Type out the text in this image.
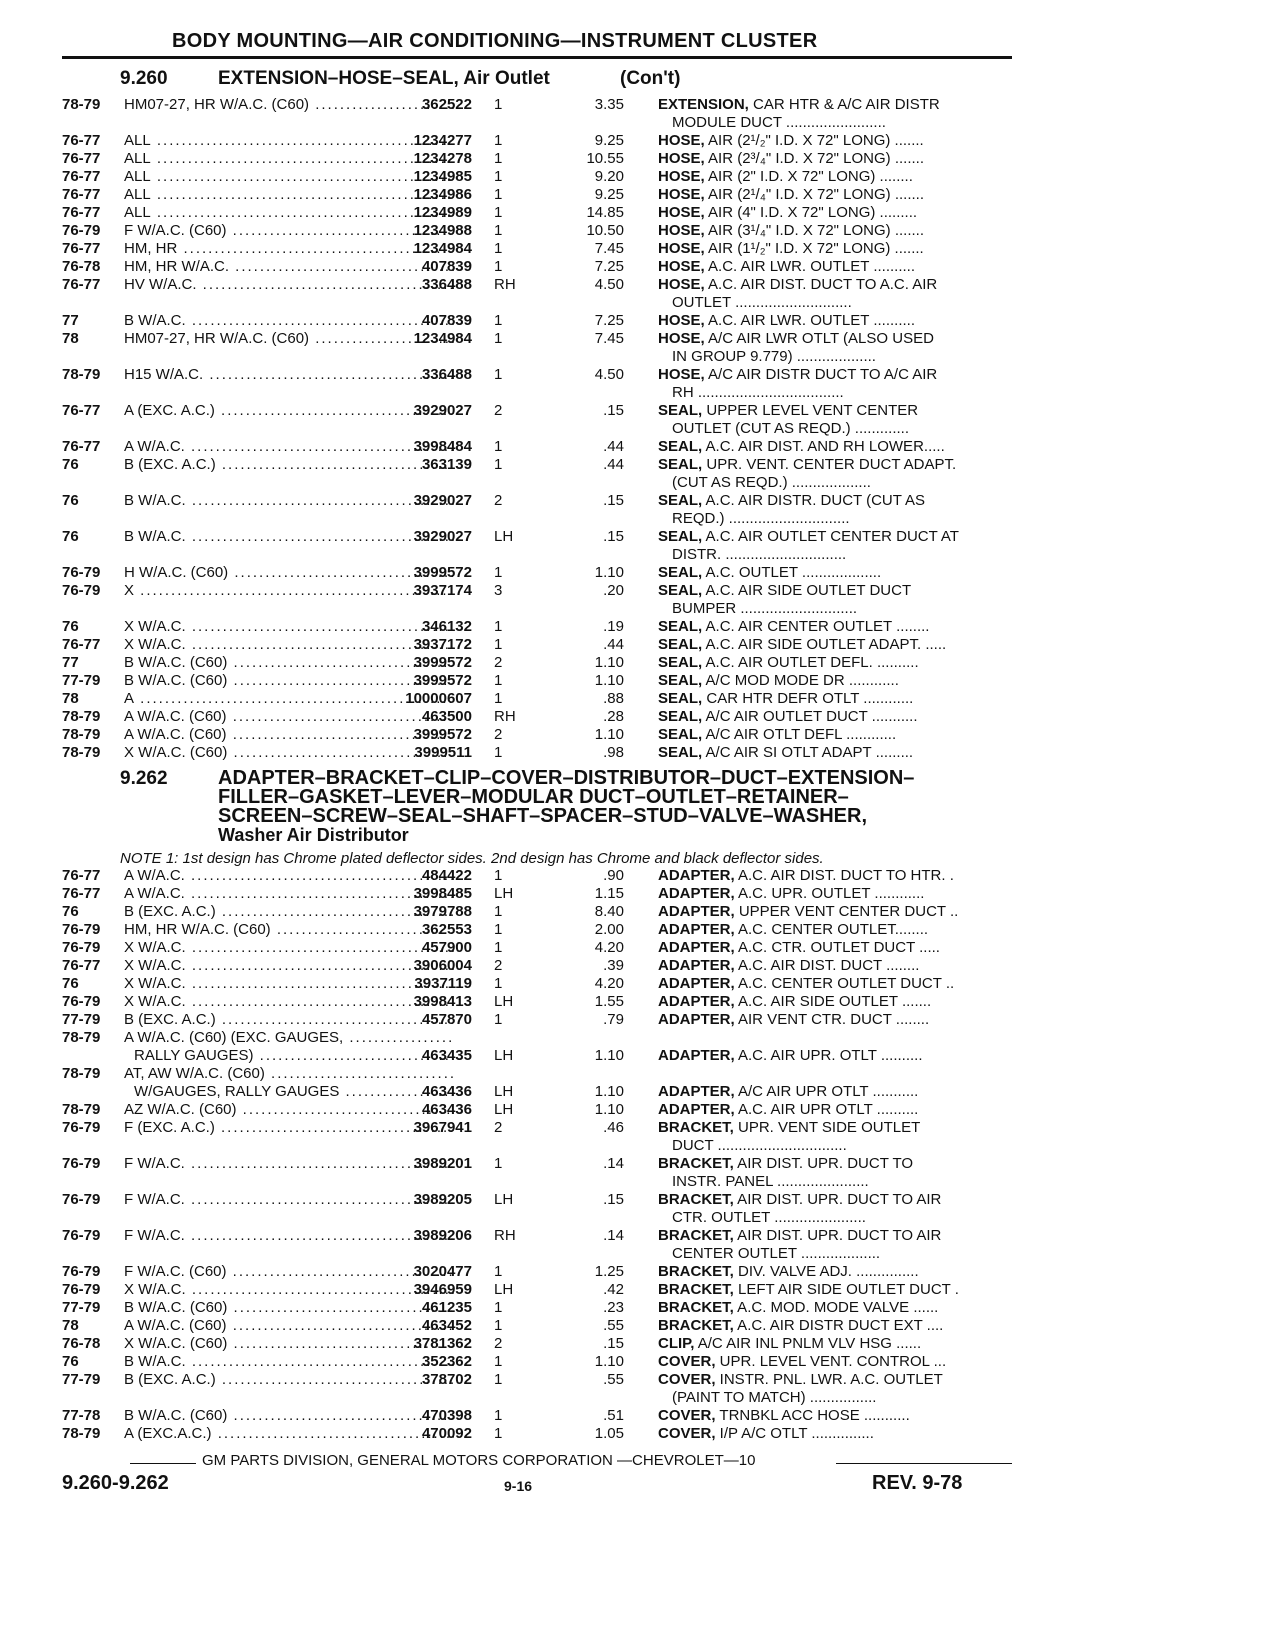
BODY MOUNTING—AIR CONDITIONING—INSTRUMENT CLUSTER
9.260	EXTENSION–HOSE–SEAL, Air Outlet	(Con't)
78-79 HM07-27, HR W/A.C. (C60) .....	362522 1	3.35 EXTENSION, CAR HTR & A/C AIR DISTR
MODULE DUCT ........................
76-77 ALL .....	1234277 1	9.25 HOSE, AIR (2¹/₂" I.D. X 72" LONG) .......
76-77 ALL .....	1234278 1	10.55 HOSE, AIR (2³/₄" I.D. X 72" LONG) .......
76-77 ALL .....	1234985 1	9.20 HOSE, AIR (2" I.D. X 72" LONG) ........
76-77 ALL .....	1234986 1	9.25 HOSE, AIR (2¹/₄" I.D. X 72" LONG) .......
76-77 ALL .....	1234989 1	14.85 HOSE, AIR (4" I.D. X 72" LONG) .........
76-79 F W/A.C. (C60) .....	1234988 1	10.50 HOSE, AIR (3¹/₄" I.D. X 72" LONG) .......
76-77 HM, HR .....	1234984 1	7.45 HOSE, AIR (1¹/₂" I.D. X 72" LONG) .......
76-78 HM, HR W/A.C. .....	407839 1	7.25 HOSE, A.C. AIR LWR. OUTLET ..........
76-77 HV W/A.C. .....	336488 RH	4.50 HOSE, A.C. AIR DIST. DUCT TO A.C. AIR
OUTLET ............................
77	B W/A.C. .....	407839 1	7.25 HOSE, A.C. AIR LWR. OUTLET ..........
78	HM07-27, HR W/A.C. (C60) .....	1234984 1	7.45 HOSE, A/C AIR LWR OTLT (ALSO USED
IN GROUP 9.779) ...................
78-79 H15 W/A.C. .....	336488 1	4.50 HOSE, A/C AIR DISTR DUCT TO A/C AIR
RH ...................................
76-77 A (EXC. A.C.) .....	3929027 2	.15 SEAL, UPPER LEVEL VENT CENTER
OUTLET (CUT AS REQD.) .............
76-77 A W/A.C. .....	3998484 1	.44 SEAL, A.C. AIR DIST. AND RH LOWER.....
76	B (EXC. A.C.) .....	363139 1	.44 SEAL, UPR. VENT. CENTER DUCT ADAPT.
(CUT AS REQD.) ...................
76	B W/A.C. .....	3929027 2	.15 SEAL, A.C. AIR DISTR. DUCT (CUT AS
REQD.) .............................
76	B W/A.C. .....	3929027 LH	.15 SEAL, A.C. AIR OUTLET CENTER DUCT AT
DISTR. .............................
76-79 H W/A.C. (C60) .....	3999572 1	1.10 SEAL, A.C. OUTLET ...................
76-79 X .....	3937174 3	.20 SEAL, A.C. AIR SIDE OUTLET DUCT
BUMPER ............................
76	X W/A.C. .....	346132 1	.19 SEAL, A.C. AIR CENTER OUTLET ........
76-77 X W/A.C. .....	3937172 1	.44 SEAL, A.C. AIR SIDE OUTLET ADAPT. .....
77	B W/A.C. (C60) .....	3999572 2	1.10 SEAL, A.C. AIR OUTLET DEFL. ..........
77-79 B W/A.C. (C60) .....	3999572 1	1.10 SEAL, A/C MOD MODE DR ............
78	A .....	10000607 1	.88 SEAL, CAR HTR DEFR OTLT ............
78-79 A W/A.C. (C60) .....	463500 RH	.28 SEAL, A/C AIR OUTLET DUCT ...........
78-79 A W/A.C. (C60) .....	3999572 2	1.10 SEAL, A/C AIR OTLT DEFL ............
78-79 X W/A.C. (C60) .....	3999511 1	.98 SEAL, A/C AIR SI OTLT ADAPT .........
9.262	ADAPTER–BRACKET–CLIP–COVER–DISTRIBUTOR–DUCT–EXTENSION–
FILLER–GASKET–LEVER–MODULAR DUCT–OUTLET–RETAINER–
SCREEN–SCREW–SEAL–SHAFT–SPACER–STUD–VALVE–WASHER,
Washer Air Distributor
NOTE 1: 1st design has Chrome plated deflector sides. 2nd design has Chrome and black deflector sides.
76-77 A W/A.C. .....	484422 1	.90 ADAPTER, A.C. AIR DIST. DUCT TO HTR. .
76-77 A W/A.C. .....	3998485 LH	1.15 ADAPTER, A.C. UPR. OUTLET ............
76	B (EXC. A.C.) .....	3979788 1	8.40 ADAPTER, UPPER VENT CENTER DUCT ..
76-79 HM, HR W/A.C. (C60) .....	362553 1	2.00 ADAPTER, A.C. CENTER OUTLET........
76-79 X W/A.C. .....	457900 1	4.20 ADAPTER, A.C. CTR. OUTLET DUCT .....
76-77 X W/A.C. .....	3906004 2	.39 ADAPTER, A.C. AIR DIST. DUCT ........
76	X W/A.C. .....	3937119 1	4.20 ADAPTER, A.C. CENTER OUTLET DUCT ..
76-79 X W/A.C. .....	3998413 LH	1.55 ADAPTER, A.C. AIR SIDE OUTLET .......
77-79 B (EXC. A.C.) .....	457870 1	.79 ADAPTER, AIR VENT CTR. DUCT ........
78-79 A W/A.C. (C60) (EXC. GAUGES, .....
RALLY GAUGES) .....	463435 LH	1.10 ADAPTER, A.C. AIR UPR. OTLT ..........
78-79 AT, AW W/A.C. (C60) .....
W/GAUGES, RALLY GAUGES .....	463436 LH	1.10 ADAPTER, A/C AIR UPR OTLT ...........
78-79 AZ W/A.C. (C60) .....	463436 LH	1.10 ADAPTER, A.C. AIR UPR OTLT ..........
76-79 F (EXC. A.C.) .....	3967941 2	.46 BRACKET, UPR. VENT SIDE OUTLET
DUCT ...............................
76-79 F W/A.C. .....	3989201 1	.14 BRACKET, AIR DIST. UPR. DUCT TO
INSTR. PANEL ......................
76-79 F W/A.C. .....	3989205 LH	.15 BRACKET, AIR DIST. UPR. DUCT TO AIR
CTR. OUTLET ......................
76-79 F W/A.C. .....	3989206 RH	.14 BRACKET, AIR DIST. UPR. DUCT TO AIR
CENTER OUTLET ...................
76-79 F W/A.C. (C60) .....	3020477 1	1.25 BRACKET, DIV. VALVE ADJ. ...............
76-79 X W/A.C. .....	3946959 LH	.42 BRACKET, LEFT AIR SIDE OUTLET DUCT .
77-79 B W/A.C. (C60) .....	461235 1	.23 BRACKET, A.C. MOD. MODE VALVE ......
78	A W/A.C. (C60) .....	463452 1	.55 BRACKET, A.C. AIR DISTR DUCT EXT ....
76-78 X W/A.C. (C60) .....	3781362 2	.15 CLIP, A/C AIR INL PNLM VLV HSG ......
76	B W/A.C. .....	352362 1	1.10 COVER, UPR. LEVEL VENT. CONTROL ...
77-79 B (EXC. A.C.) .....	378702 1	.55 COVER, INSTR. PNL. LWR. A.C. OUTLET
(PAINT TO MATCH) ................
77-78 B W/A.C. (C60) .....	470398 1	.51 COVER, TRNBKL ACC HOSE ...........
78-79 A (EXC.A.C.) .....	470092 1	1.05 COVER, I/P A/C OTLT ...............
GM PARTS DIVISION, GENERAL MOTORS CORPORATION —CHEVROLET—10
9.260-9.262	9-16	REV. 9-78
